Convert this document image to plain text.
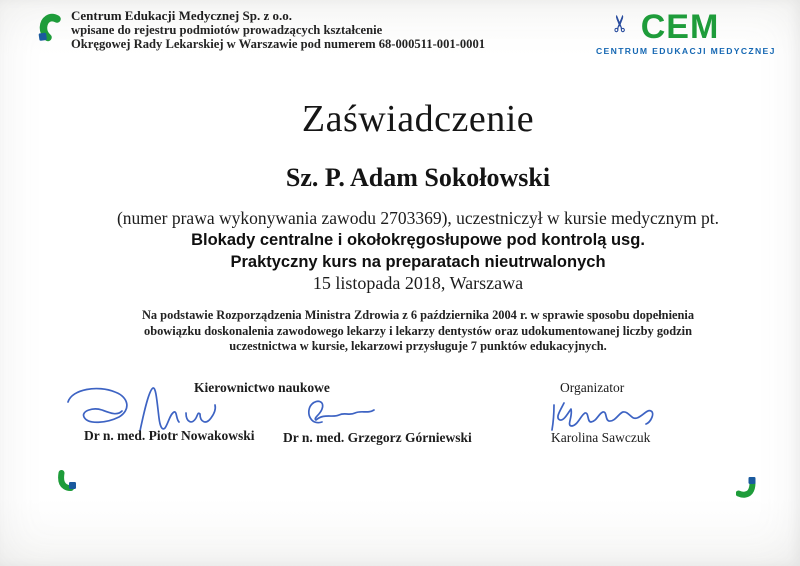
Centrum Edukacji Medycznej Sp. z o.o.
wpisane do rejestru podmiotów prowadzących kształcenie
Okręgowej Rady Lekarskiej w Warszawie pod numerem 68-000511-001-0001	CEM
✂
CENTRUM EDUKACJI MEDYCZNEJ
Zaświadczenie
Sz. P. Adam Sokołowski
(numer prawa wykonywania zawodu 2703369), uczestniczył w kursie medycznym pt.
Blokady centralne i okołokręgosłupowe pod kontrolą usg.
Praktyczny kurs na preparatach nieutrwalonych
15 listopada 2018, Warszawa
Na podstawie Rozporządzenia Ministra Zdrowia z 6 października 2004 r. w sprawie sposobu dopełnienia obowiązku doskonalenia zawodowego lekarzy i lekarzy dentystów oraz udokumentowanej liczby godzin uczestnictwa w kursie, lekarzowi przysługuje 7 punktów edukacyjnych.
Kierownictwo naukowe	Organizator
Dr n. med. Piotr Nowakowski Dr n. med. Grzegorz Górniewski	Karolina Sawczuk
